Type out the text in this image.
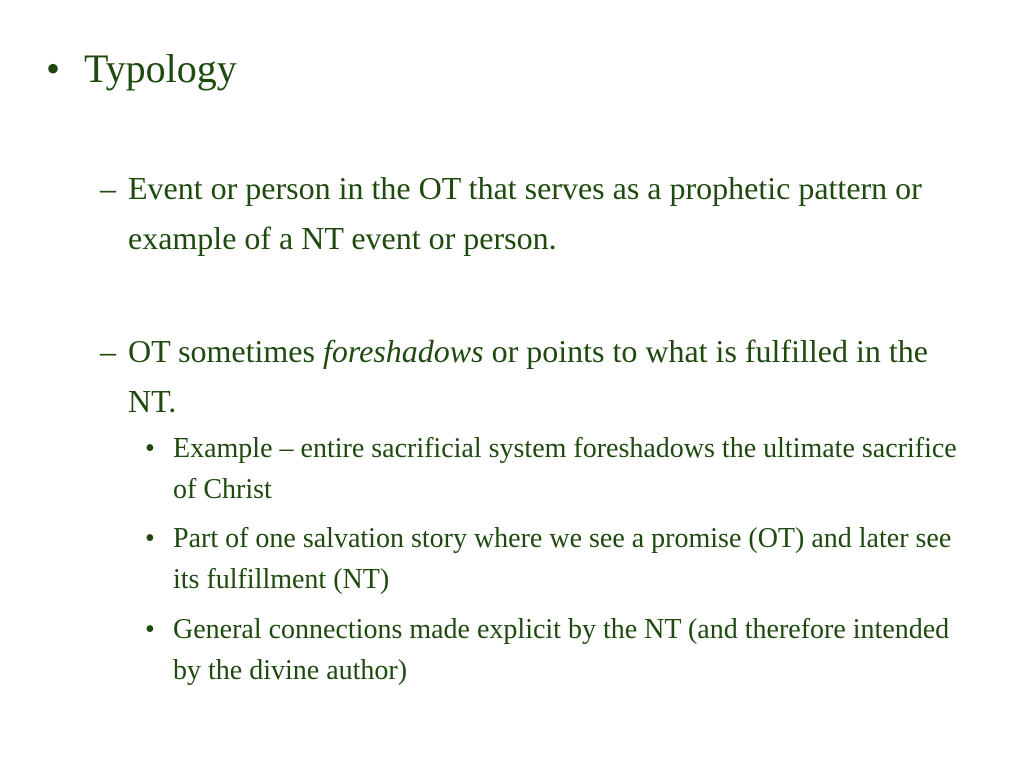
• Typology
– Event or person in the OT that serves as a prophetic pattern or example of a NT event or person.
– OT sometimes foreshadows or points to what is fulfilled in the NT.
• Example – entire sacrificial system foreshadows the ultimate sacrifice of Christ
• Part of one salvation story where we see a promise (OT) and later see its fulfillment (NT)
• General connections made explicit by the NT (and therefore intended by the divine author)
